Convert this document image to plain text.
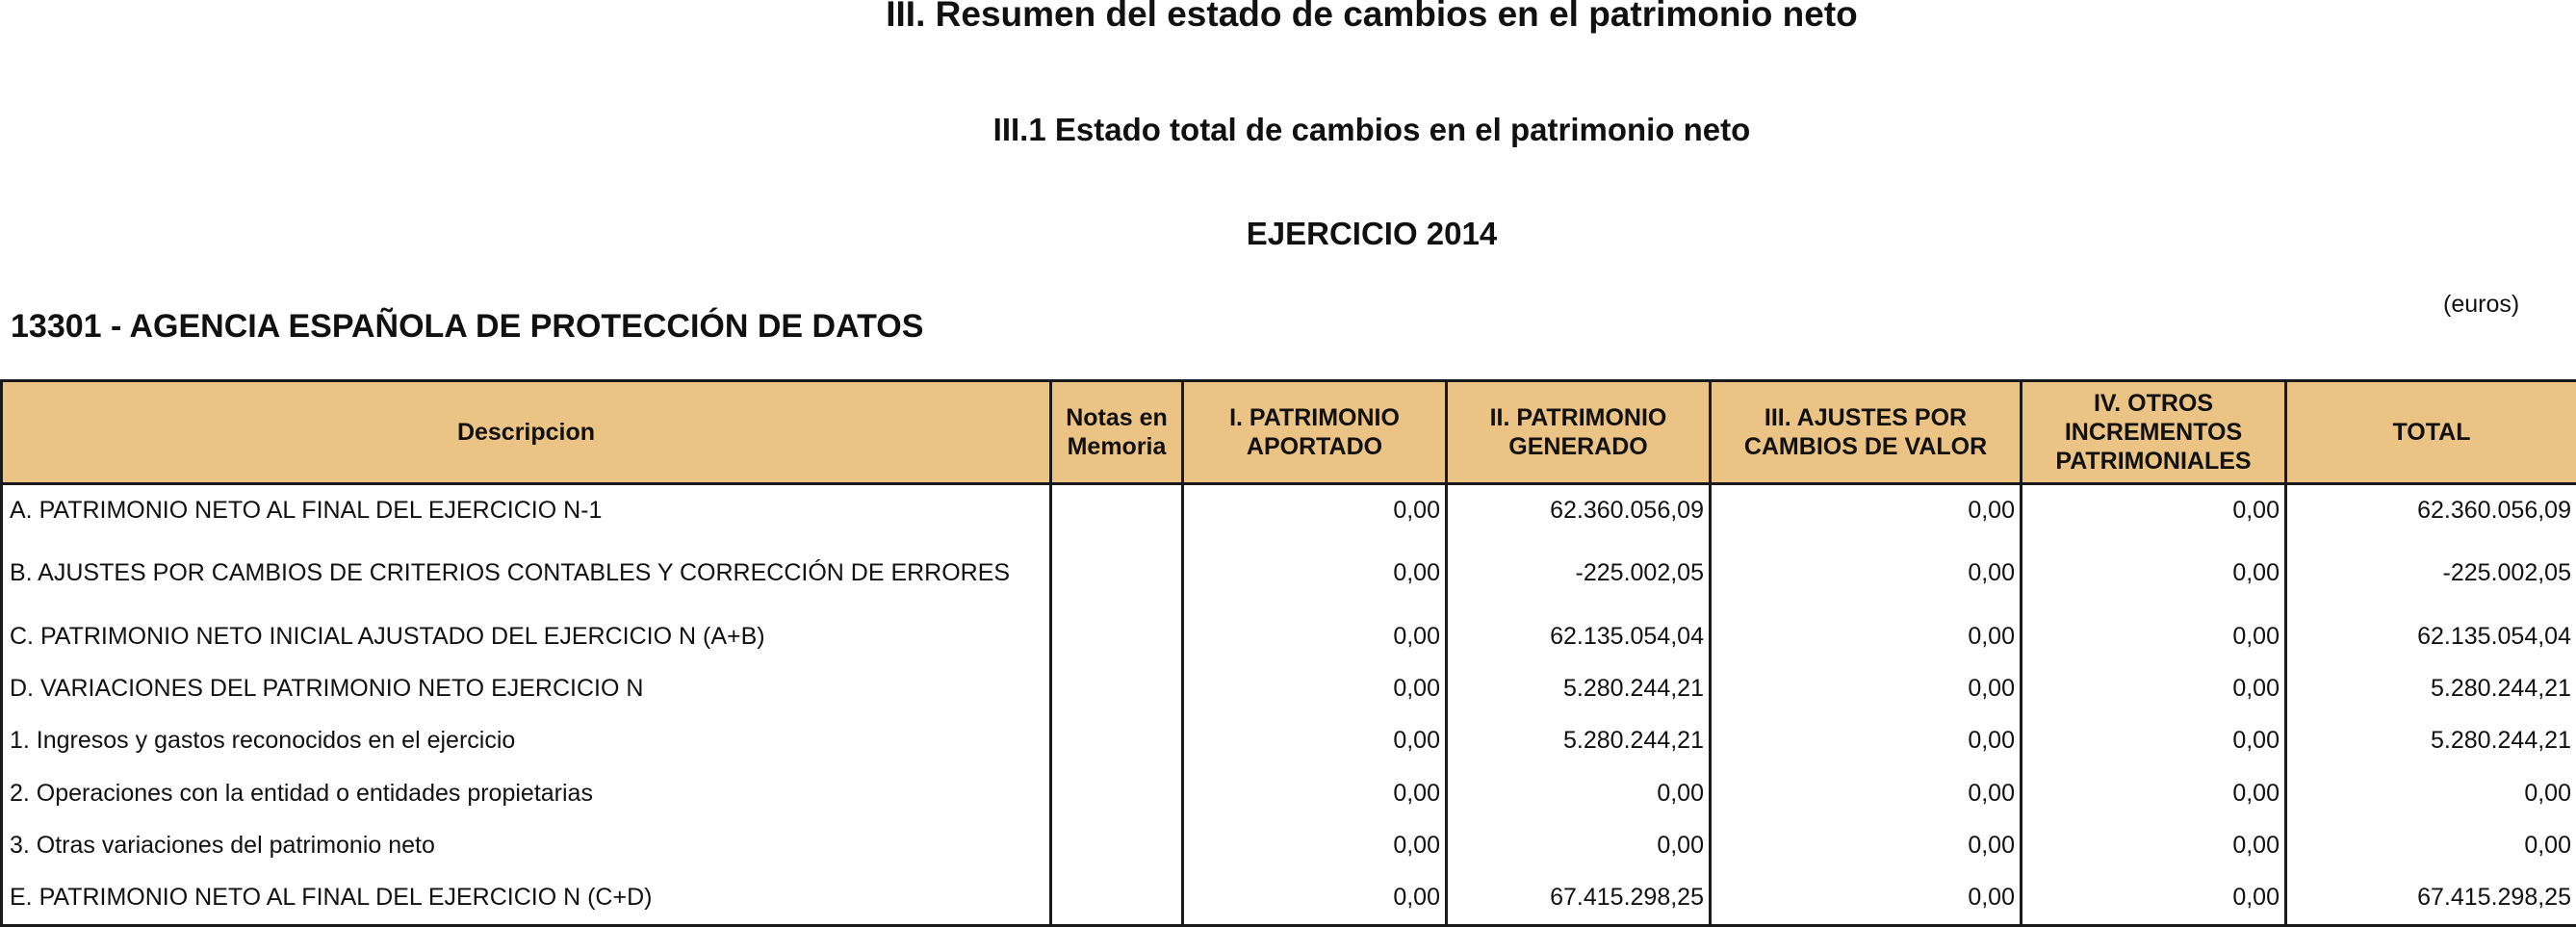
III. Resumen del estado de cambios en el patrimonio neto
III.1 Estado total de cambios en el patrimonio neto
EJERCICIO 2014
(euros)
13301 - AGENCIA ESPAÑOLA DE PROTECCIÓN DE DATOS
Descripcion	Notas en Memoria	I. PATRIMONIO APORTADO	II. PATRIMONIO GENERADO	III. AJUSTES POR CAMBIOS DE VALOR	IV. OTROS INCREMENTOS PATRIMONIALES	TOTAL
A. PATRIMONIO NETO AL FINAL DEL EJERCICIO N-1		0,00	62.360.056,09	0,00	0,00	62.360.056,09
B. AJUSTES POR CAMBIOS DE CRITERIOS CONTABLES Y CORRECCIÓN DE ERRORES		0,00	-225.002,05	0,00	0,00	-225.002,05
C. PATRIMONIO NETO INICIAL AJUSTADO DEL EJERCICIO N (A+B)		0,00	62.135.054,04	0,00	0,00	62.135.054,04
D. VARIACIONES DEL PATRIMONIO NETO EJERCICIO N		0,00	5.280.244,21	0,00	0,00	5.280.244,21
1. Ingresos y gastos reconocidos en el ejercicio		0,00	5.280.244,21	0,00	0,00	5.280.244,21
2. Operaciones con la entidad o entidades propietarias		0,00	0,00	0,00	0,00	0,00
3. Otras variaciones del patrimonio neto		0,00	0,00	0,00	0,00	0,00
E. PATRIMONIO NETO AL FINAL DEL EJERCICIO N (C+D)		0,00	67.415.298,25	0,00	0,00	67.415.298,25
